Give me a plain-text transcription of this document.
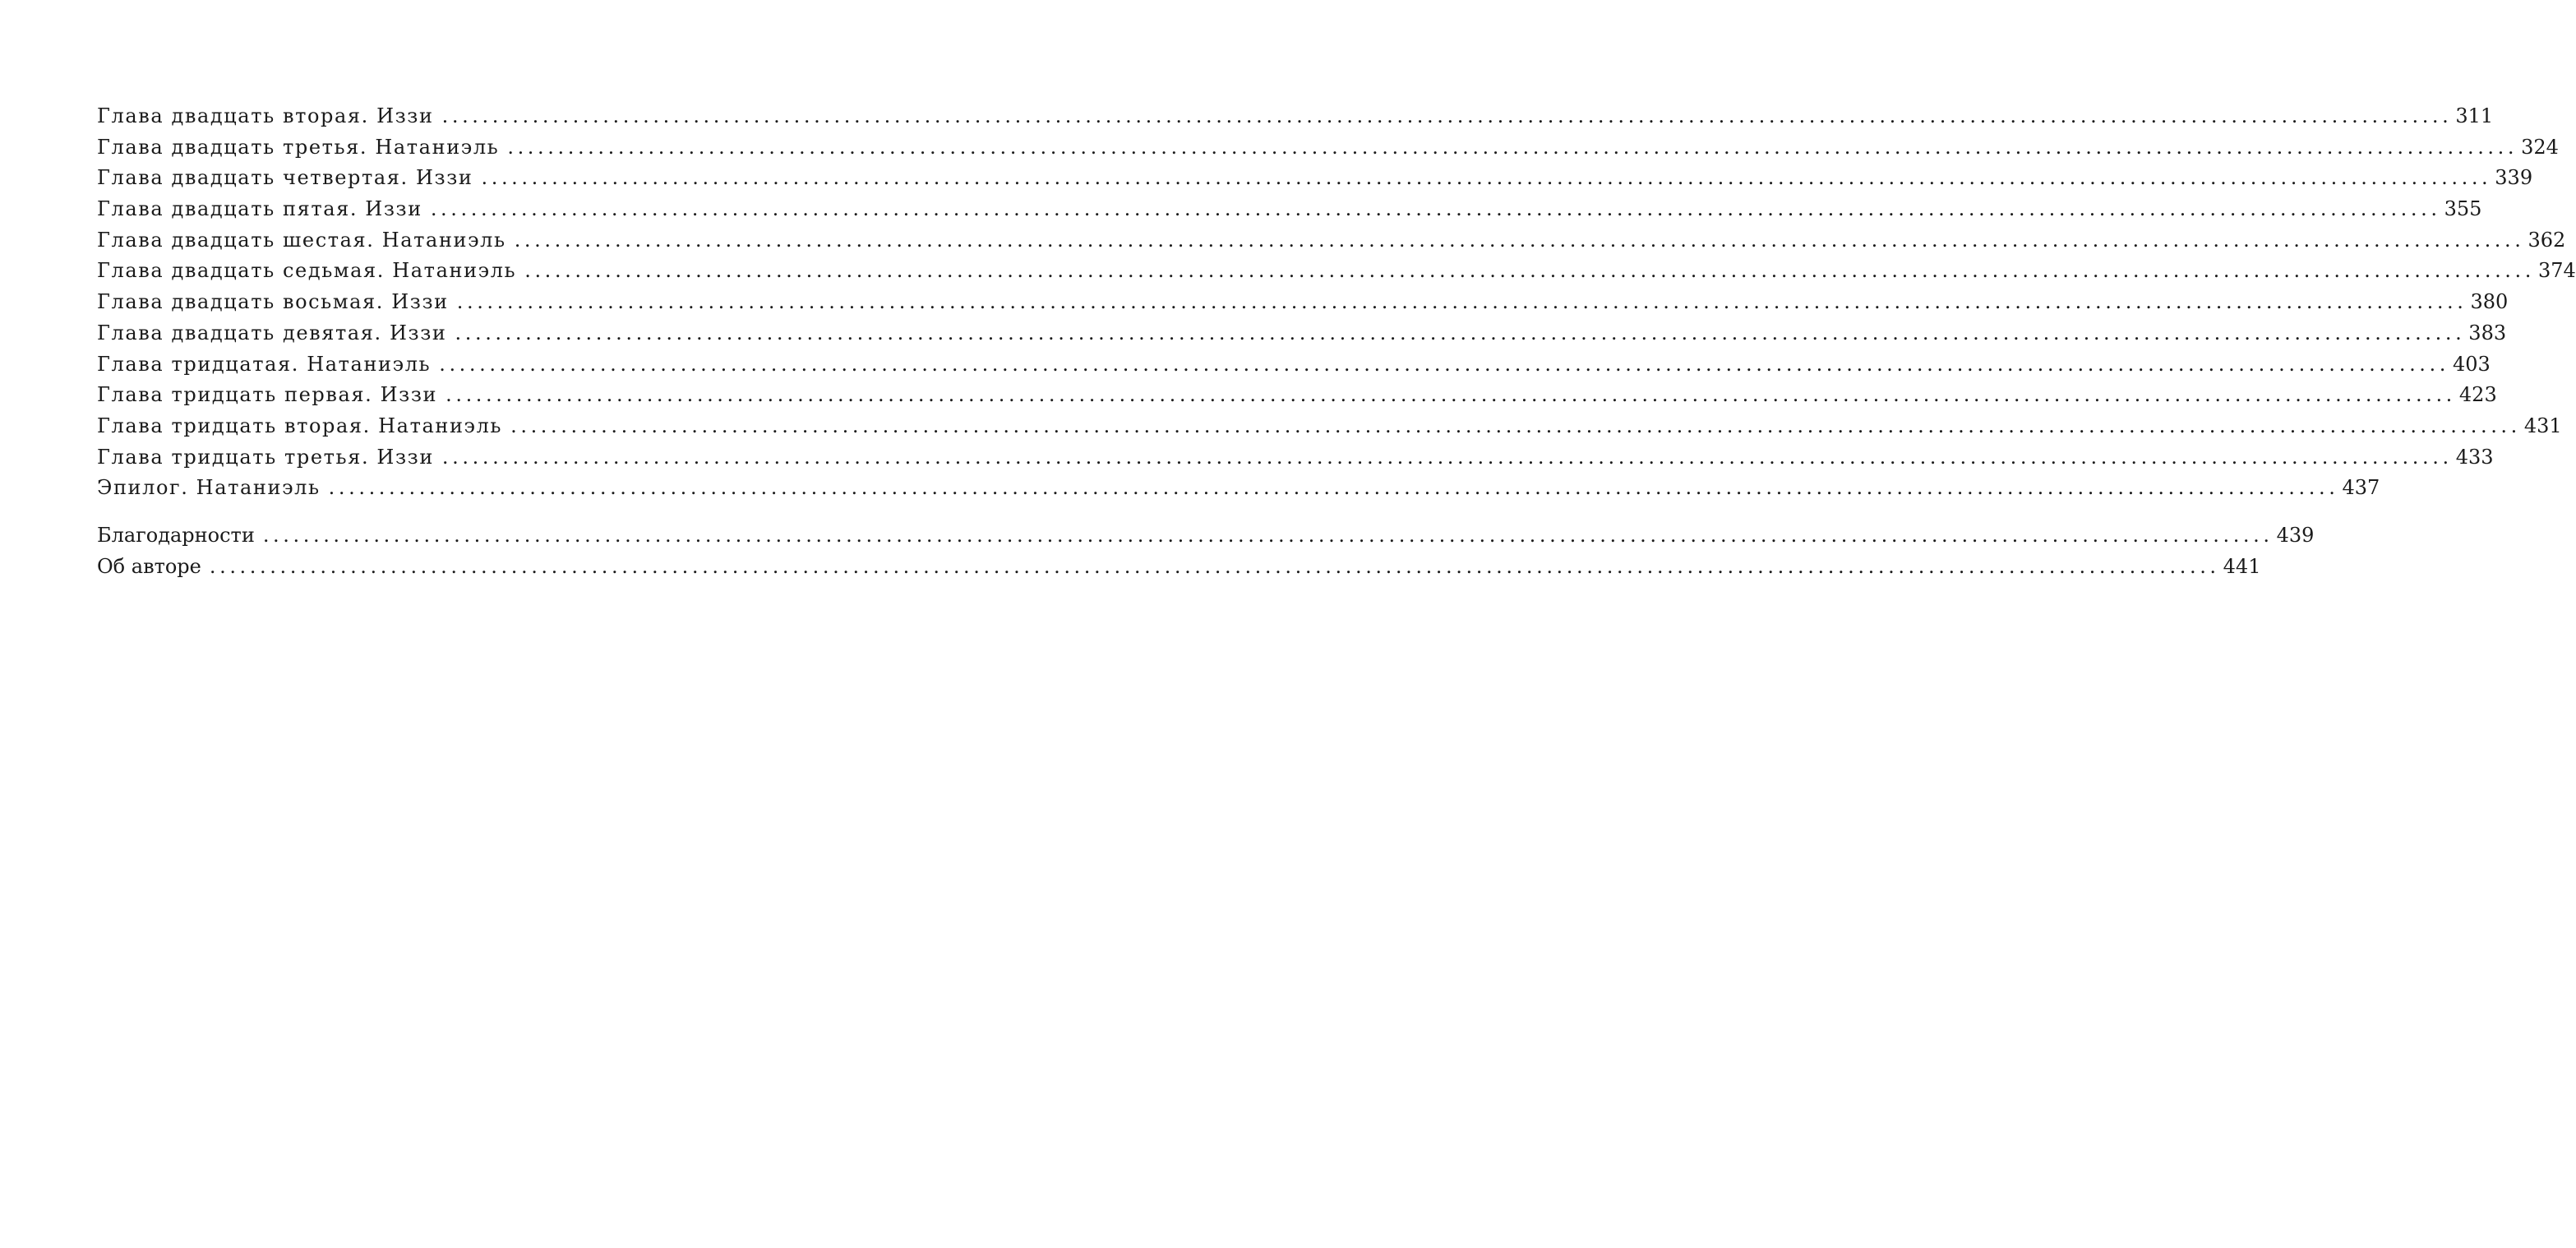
Глава двадцать вторая. Иззи ........................................................................................................................................................................................................ 311
Глава двадцать третья. Натаниэль ........................................................................................................................................................................................................ 324
Глава двадцать четвертая. Иззи ........................................................................................................................................................................................................ 339
Глава двадцать пятая. Иззи ........................................................................................................................................................................................................ 355
Глава двадцать шестая. Натаниэль ........................................................................................................................................................................................................ 362
Глава двадцать седьмая. Натаниэль ........................................................................................................................................................................................................ 374
Глава двадцать восьмая. Иззи ........................................................................................................................................................................................................ 380
Глава двадцать девятая. Иззи ........................................................................................................................................................................................................ 383
Глава тридцатая. Натаниэль ........................................................................................................................................................................................................ 403
Глава тридцать первая. Иззи ........................................................................................................................................................................................................ 423
Глава тридцать вторая. Натаниэль ........................................................................................................................................................................................................ 431
Глава тридцать третья. Иззи ........................................................................................................................................................................................................ 433
Эпилог. Натаниэль ........................................................................................................................................................................................................ 437
Благодарности ........................................................................................................................................................................................................ 439
Об авторе ........................................................................................................................................................................................................ 441
